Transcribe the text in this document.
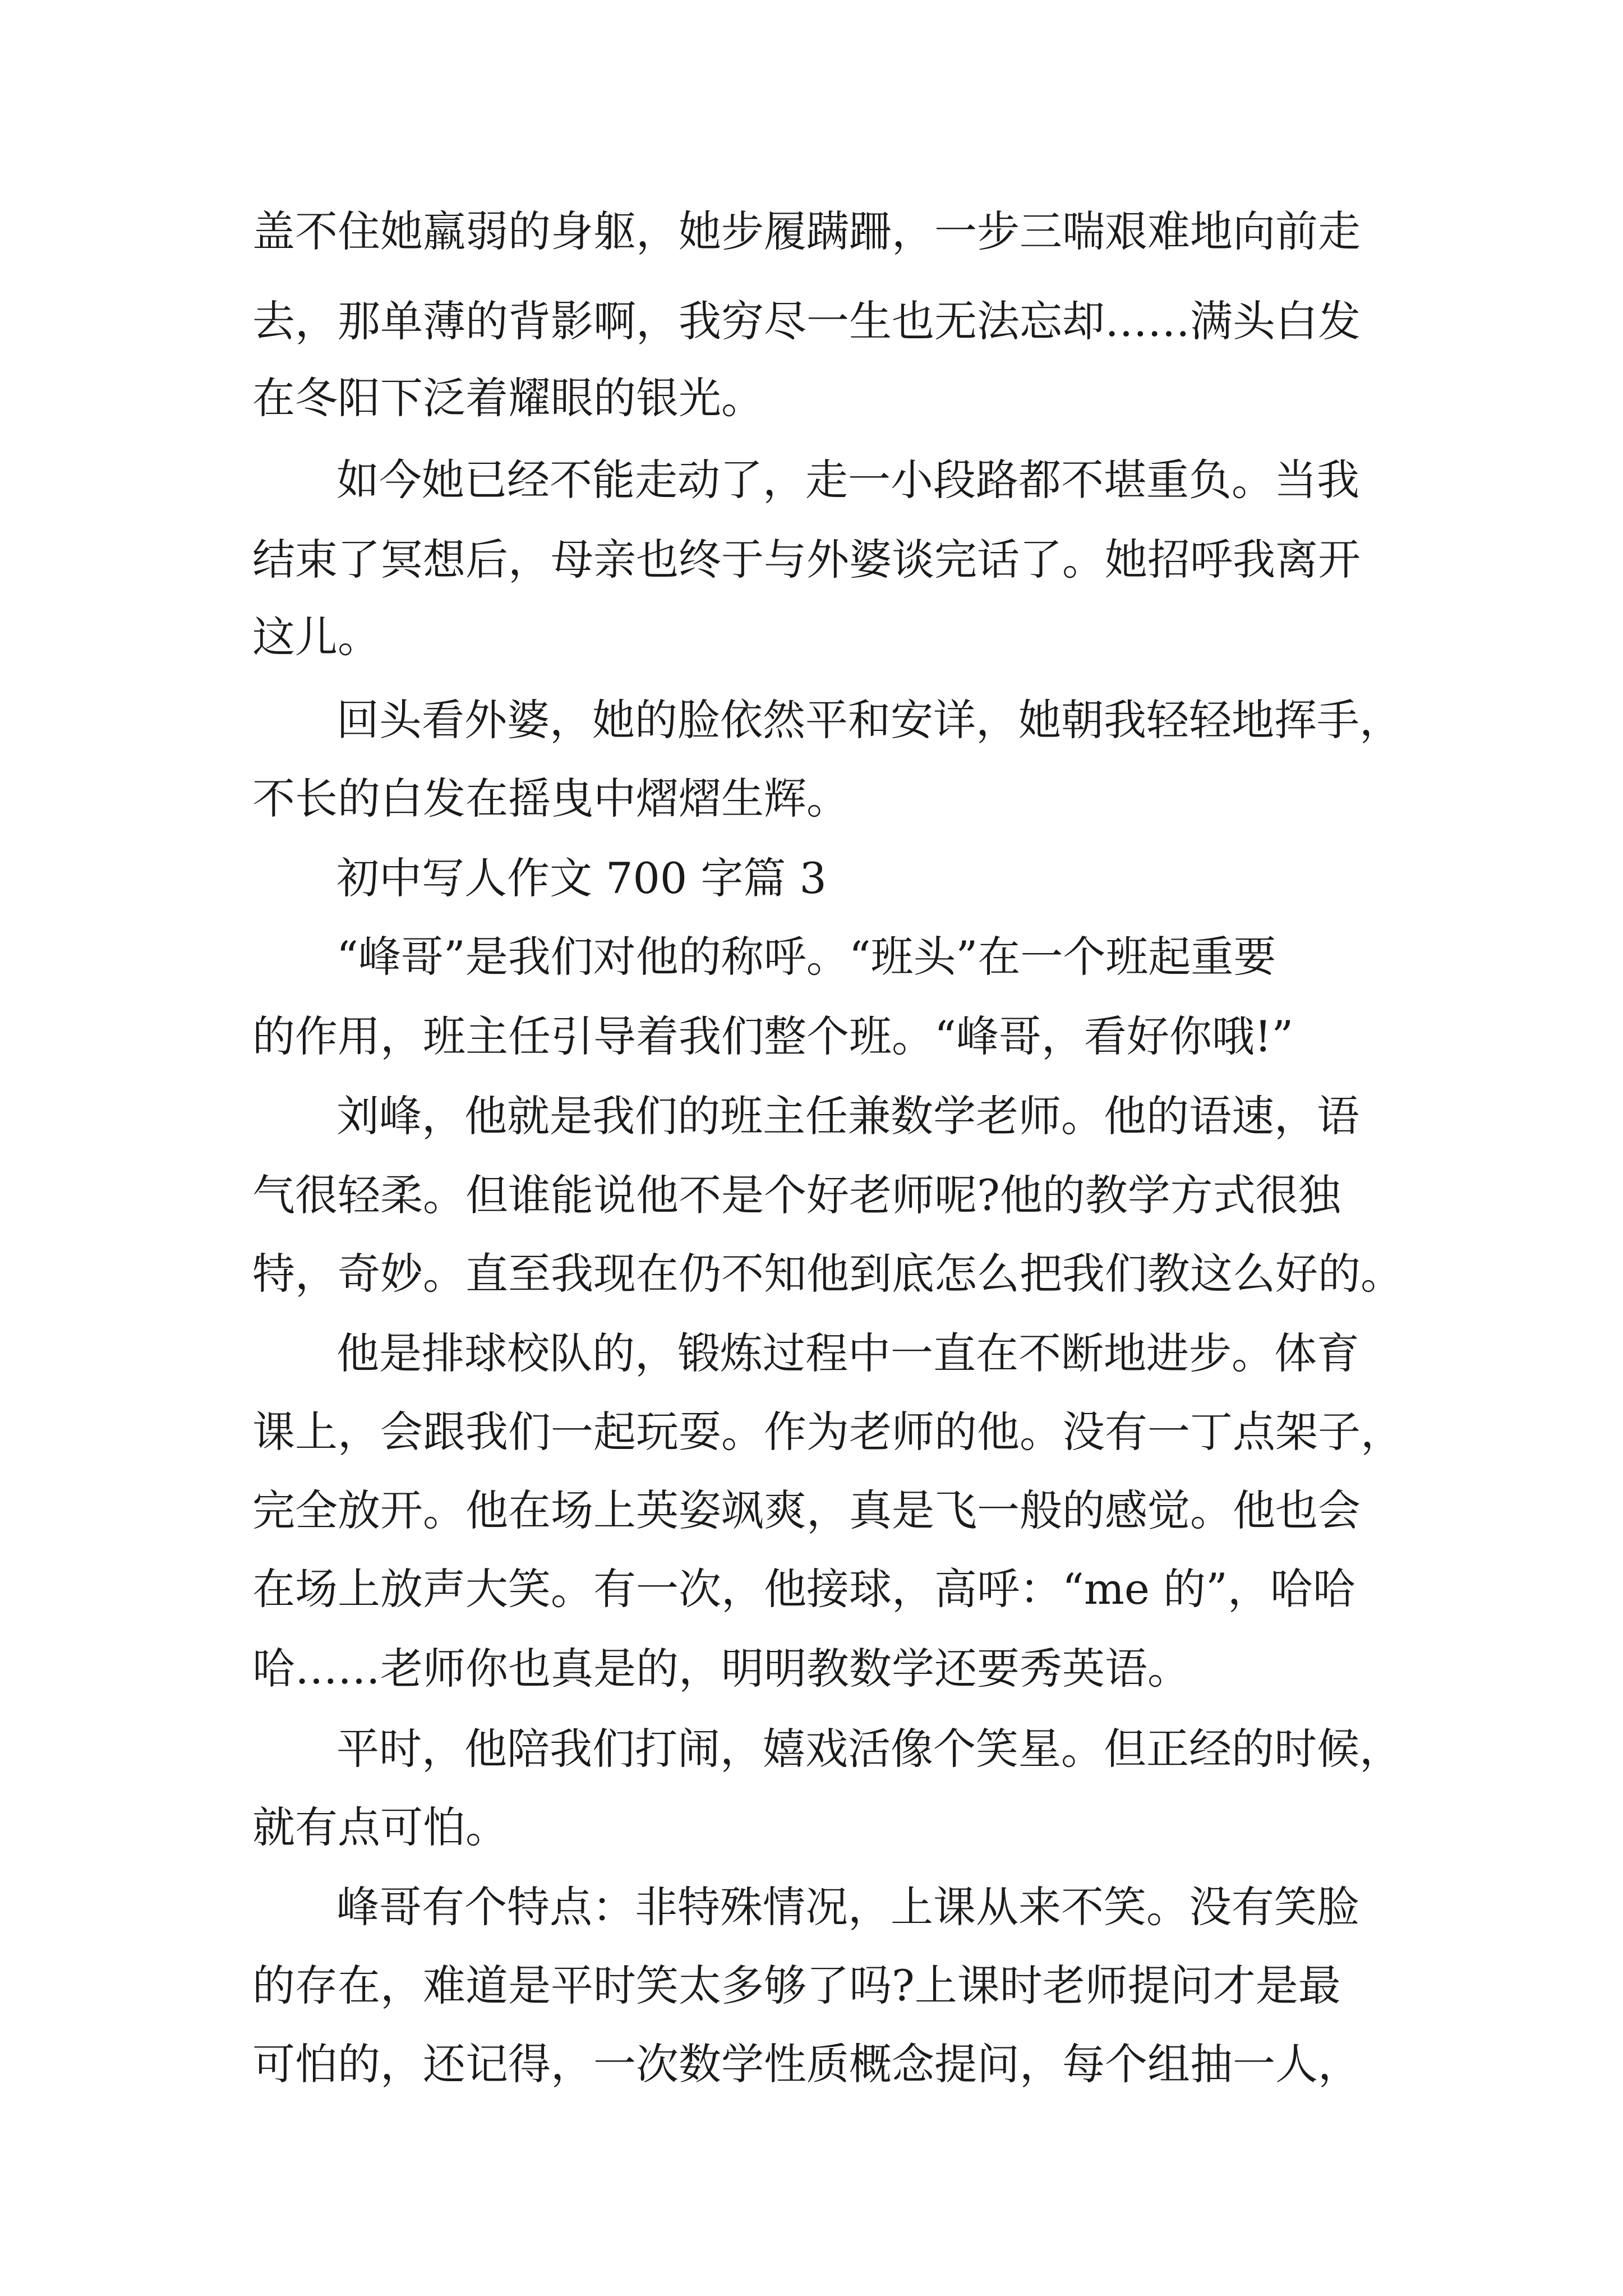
盖不住她羸弱的身躯，她步履蹒跚，一步三喘艰难地向前走
去，那单薄的背影啊，我穷尽一生也无法忘却……满头白发
在冬阳下泛着耀眼的银光。
如今她已经不能走动了，走一小段路都不堪重负。当我
结束了冥想后，母亲也终于与外婆谈完话了。她招呼我离开
这儿。
回头看外婆，她的脸依然平和安详，她朝我轻轻地挥手，
不长的白发在摇曳中熠熠生辉。
初中写人作文 700 字篇 3
“峰哥”是我们对他的称呼。“班头”在一个班起重要
的作用，班主任引导着我们整个班。“峰哥，看好你哦!”
刘峰，他就是我们的班主任兼数学老师。他的语速，语
气很轻柔。但谁能说他不是个好老师呢?他的教学方式很独
特，奇妙。直至我现在仍不知他到底怎么把我们教这么好的。
他是排球校队的，锻炼过程中一直在不断地进步。体育
课上，会跟我们一起玩耍。作为老师的他。没有一丁点架子，
完全放开。他在场上英姿飒爽，真是飞一般的感觉。他也会
在场上放声大笑。有一次，他接球，高呼：“me 的”，哈哈
哈……老师你也真是的，明明教数学还要秀英语。
平时，他陪我们打闹，嬉戏活像个笑星。但正经的时候，
就有点可怕。
峰哥有个特点：非特殊情况，上课从来不笑。没有笑脸
的存在，难道是平时笑太多够了吗?上课时老师提问才是最
可怕的，还记得，一次数学性质概念提问，每个组抽一人，
